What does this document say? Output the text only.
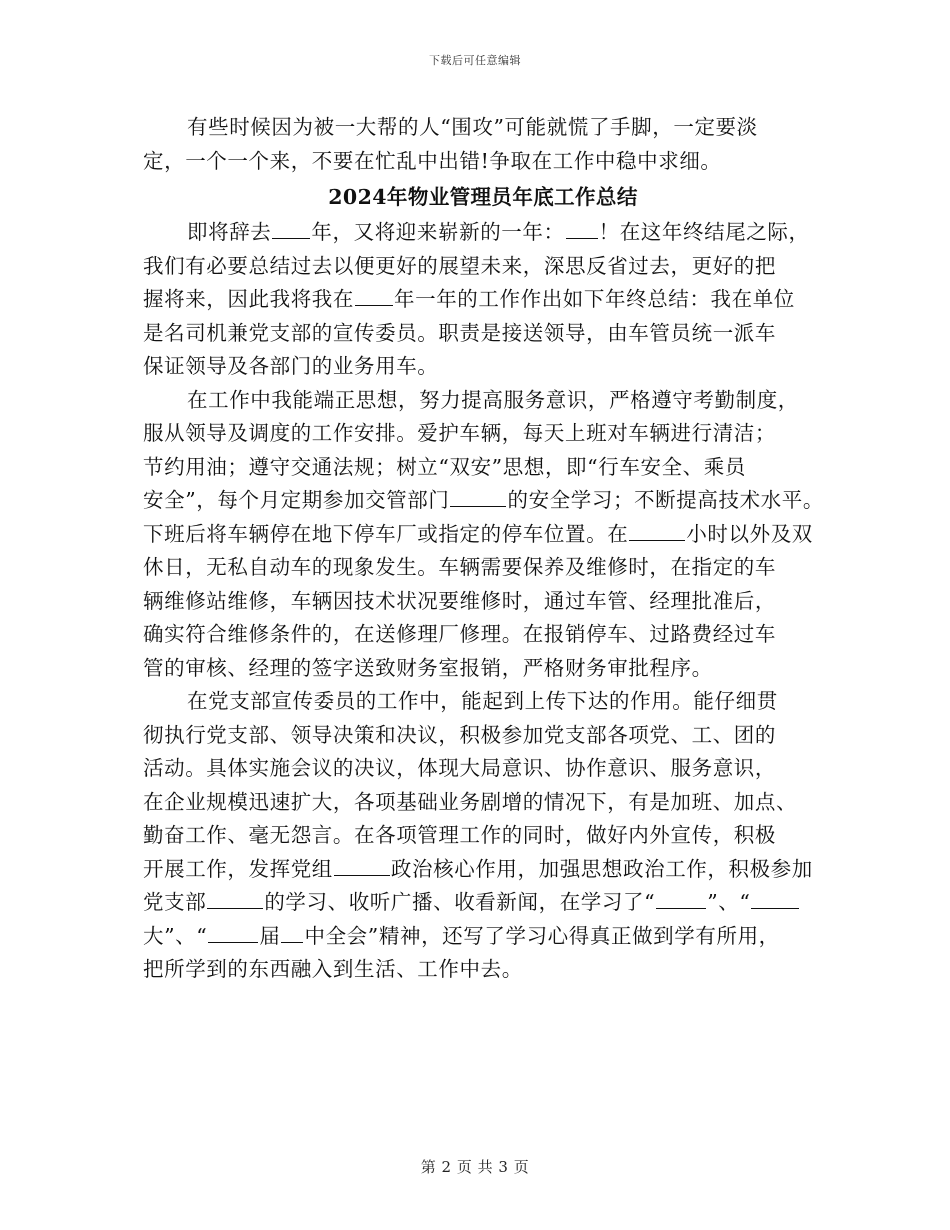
下载后可任意编辑
有些时候因为被一大帮的人“围攻”可能就慌了手脚，一定要淡
定，一个一个来，不要在忙乱中出错!争取在工作中稳中求细。
2024年物业管理员年底工作总结
即将辞去 年，又将迎来崭新的一年： ！在这年终结尾之际，
我们有必要总结过去以便更好的展望未来，深思反省过去，更好的把
握将来，因此我将我在 年一年的工作作出如下年终总结：我在单位
是名司机兼党支部的宣传委员。职责是接送领导，由车管员统一派车
保证领导及各部门的业务用车。
在工作中我能端正思想，努力提高服务意识，严格遵守考勤制度，
服从领导及调度的工作安排。爱护车辆，每天上班对车辆进行清洁；
节约用油；遵守交通法规；树立“双安”思想，即“行车安全、乘员
安全”，每个月定期参加交管部门	的安全学习；不断提高技术水平。
下班后将车辆停在地下停车厂或指定的停车位置。在	小时以外及双
休日，无私自动车的现象发生。车辆需要保养及维修时，在指定的车
辆维修站维修，车辆因技术状况要维修时，通过车管、经理批准后，
确实符合维修条件的，在送修理厂修理。在报销停车、过路费经过车
管的审核、经理的签字送致财务室报销，严格财务审批程序。
在党支部宣传委员的工作中，能起到上传下达的作用。能仔细贯
彻执行党支部、领导决策和决议，积极参加党支部各项党、工、团的
活动。具体实施会议的决议，体现大局意识、协作意识、服务意识，
在企业规模迅速扩大，各项基础业务剧增的情况下，有是加班、加点、
勤奋工作、毫无怨言。在各项管理工作的同时，做好内外宣传，积极
开展工作，发挥党组	政治核心作用，加强思想政治工作，积极参加
党支部	的学习、收听广播、收看新闻，在学习了“	”、“
大”、“	届 中全会”精神，还写了学习心得真正做到学有所用，
把所学到的东西融入到生活、工作中去。
第 2 页 共 3 页
